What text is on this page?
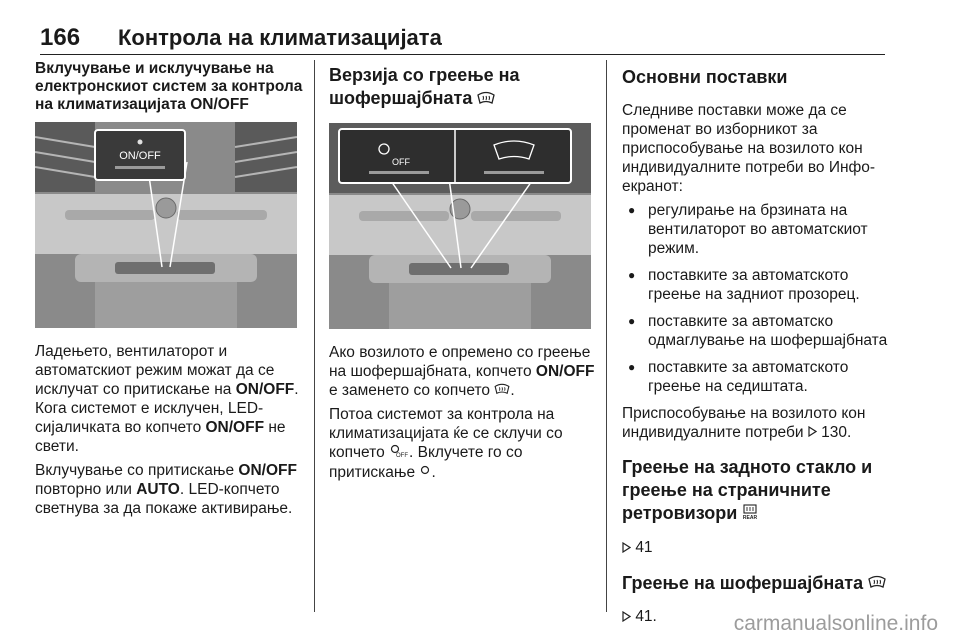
166 Контрола на климатизацијата
Вклучување и исклучување на електронскиот систем за контрола на климатизацијата ON/OFF
ON/OFF

Ладењето, вентилаторот и автоматскиот режим можат да се исклучат со притискање на ON/OFF. Кога системот е исклучен, LED-сијаличката во копчето ON/OFF не свети.

Вклучување со притискање ON/OFF повторно или AUTO. LED-копчето светнува за да покаже активирање.

Верзија со греење на шофершајбната
OFF

Ако возилото е опремено со греење на шофершајбната, копчето ON/OFF е заменето со копчето .

Потоа системот за контрола на климатизацијата ќе се склучи со копчето OFF . Вклучете го со притискање .

Основни поставки

Следниве поставки може да се променат во изборникот за приспособување на возилото кон индивидуалните потреби во Инфо-екранот:

● регулирање на брзината на вентилаторот во автоматскиот режим.
● поставките за автоматското греење на задниот прозорец.
● поставките за автоматско одмаглување на шофершајбната
● поставките за автоматското греење на седиштата.

Приспособување на возилото кон индивидуалните потреби 130.

Греење на задното стакло и греење на страничните ретровизори REAR

41

Греење на шофершајбната

41.	carmanualsonline.info
